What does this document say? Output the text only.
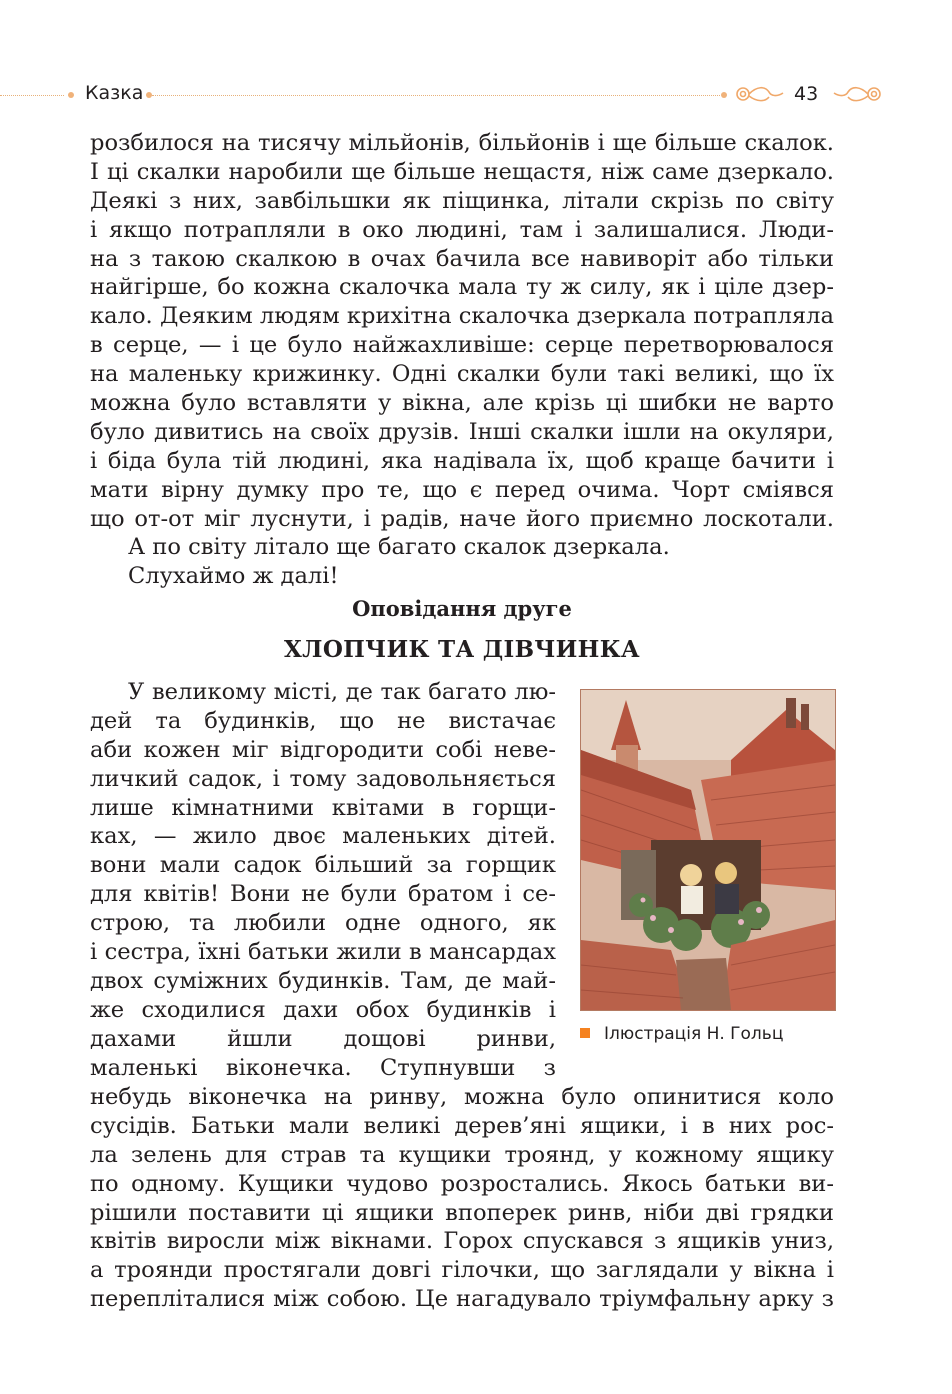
Казка	43
розбилося на тисячу мільйонів, більйонів і ще більше скалок.
І ці скалки наробили ще більше нещастя, ніж саме дзеркало.
Деякі з них, завбільшки як піщинка, літали скрізь по світу
і якщо потрапляли в око людині, там і залишалися. Люди-
на з такою скалкою в очах бачила все навиворіт або тільки
найгірше, бо кожна скалочка мала ту ж силу, як і ціле дзер-
кало. Деяким людям крихітна скалочка дзеркала потрапляла
в серце, — і це було найжахливіше: серце перетворювалося
на маленьку крижинку. Одні скалки були такі великі, що їх
можна було вставляти у вікна, але крізь ці шибки не варто
було дивитись на своїх друзів. Інші скалки ішли на окуляри,
і біда була тій людині, яка надівала їх, щоб краще бачити і
мати вірну думку про те, що є перед очима. Чорт сміявся
що от-от міг луснути, і радів, наче його приємно лоскотали.
А по світу літало ще багато скалок дзеркала.
Слухаймо ж далі!
Оповідання друге
ХЛОПЧИК ТА ДІВЧИНКА
У великому місті, де так багато лю-
дей та будинків, що не вистачає
аби кожен міг відгородити собі неве-
личкий садок, і тому задовольняється
лише кімнатними квітами в горщи-
ках, — жило двоє маленьких дітей.
вони мали садок більший за горщик
для квітів! Вони не були братом і се-
строю, та любили одне одного, як
і сестра, їхні батьки жили в мансардах
двох суміжних будинків. Там, де май-
же сходилися дахи обох будинків і
дахами йшли дощові ринви,
маленькі віконечка. Ступнувши з
Ілюстрація Н. Гольц
небудь віконечка на ринву, можна було опинитися коло
сусідів. Батьки мали великі дерев’яні ящики, і в них рос-
ла зелень для страв та кущики троянд, у кожному ящику
по одному. Кущики чудово розростались. Якось батьки ви-
рішили поставити ці ящики впоперек ринв, ніби дві грядки
квітів виросли між вікнами. Горох спускався з ящиків униз,
а троянди простягали довгі гілочки, що заглядали у вікна і
перепліталися між собою. Це нагадувало тріумфальну арку з
